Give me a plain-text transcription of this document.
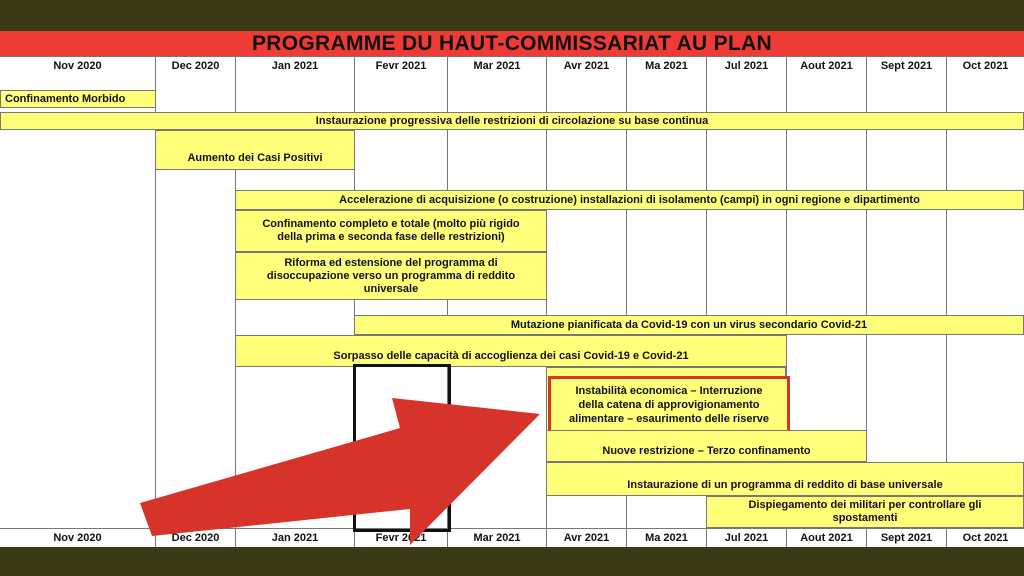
PROGRAMME DU HAUT-COMMISSARIAT AU PLAN
Nov 2020	Dec 2020	Jan 2021	Fevr 2021	Mar 2021	Avr 2021	Ma 2021	Jul 2021	Aout 2021	Sept 2021	Oct 2021
Confinamento Morbido
Instaurazione progressiva delle restrizioni di circolazione su base continua
Aumento dei Casi Positivi
Accelerazione di acquisizione (o costruzione) installazioni di isolamento (campi) in ogni regione e dipartimento
Confinamento completo e totale (molto più rigido
della prima e seconda fase delle restrizioni)
Riforma ed estensione del programma di
disoccupazione verso un programma di reddito
universale
Mutazione pianificata da Covid-19 con un virus secondario Covid-21
Sorpasso delle capacità di accoglienza dei casi Covid-19 e Covid-21
Instabilità economica – Interruzione
della catena di approvigionamento
alimentare – esaurimento delle riserve
Nuove restrizione – Terzo confinamento
Instaurazione di un programma di reddito di base universale
Dispiegamento dei militari per controllare gli
spostamenti
Nov 2020	Dec 2020	Jan 2021	Fevr 2021	Mar 2021	Avr 2021	Ma 2021	Jul 2021	Aout 2021	Sept 2021	Oct 2021
